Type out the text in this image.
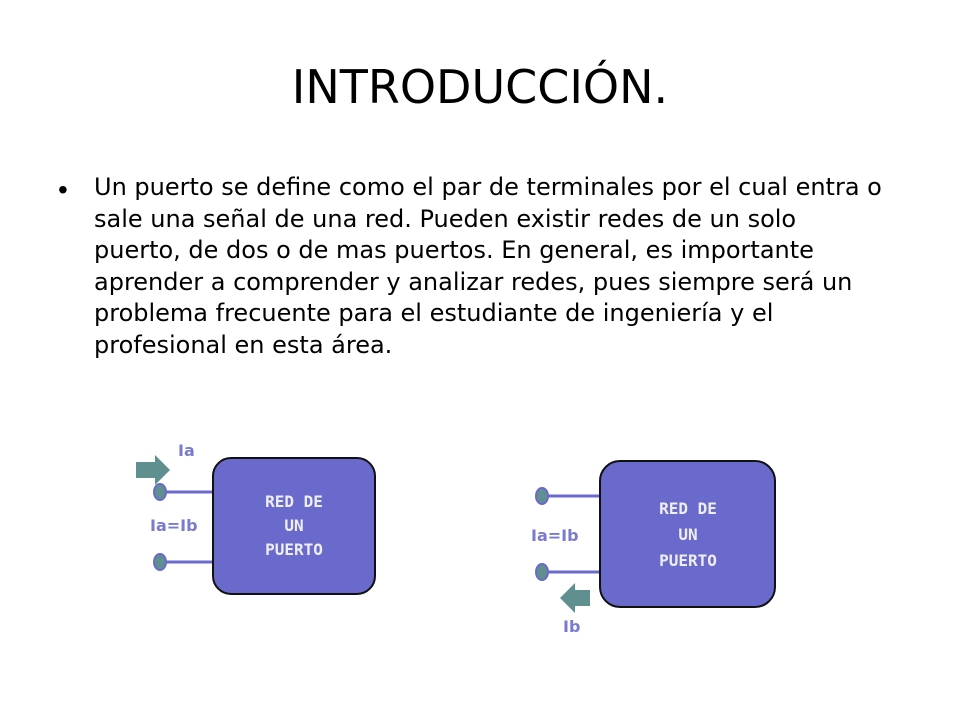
INTRODUCCIÓN.
• Un puerto se define como el par de terminales por el cual entra o sale una señal de una red. Pueden existir redes de un solo puerto, de dos o de mas puertos. En general, es importante aprender a comprender y analizar redes, pues siempre será un problema frecuente para el estudiante de ingeniería y el profesional en esta área.
RED DE
UN
PUERTO
Ia
Ia=Ib
RED DE
UN
PUERTO
Ia=Ib
Ib
